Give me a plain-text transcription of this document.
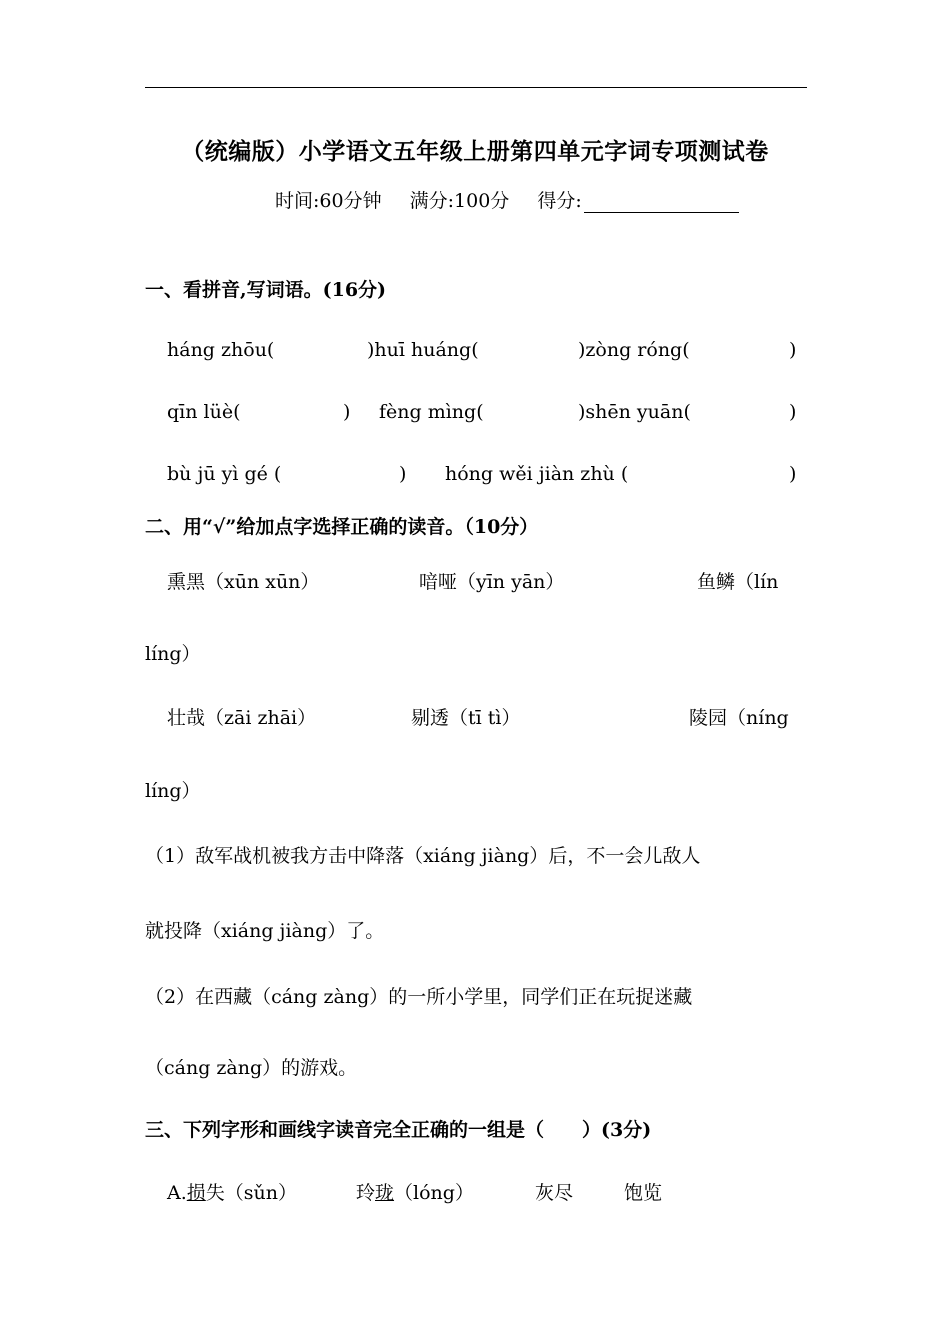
（统编版）小学语文五年级上册第四单元字词专项测试卷
时间:60分钟 满分:100分 得分:
一、看拼音,写词语。(16分)
háng zhōu(	)huī huáng(	)zòng róng(	)
qīn lüè(	) fèng mìng(	)shēn yuān(	)
bù jū yì gé (	) hóng wěi jiàn zhù (	)
二、用“√”给加点字选择正确的读音。（10分）
熏黑（xūn xūn）	喑哑（yīn yān）	鱼鳞（lín
líng）
壮哉（zāi zhāi）	剔透（tī tì）	陵园（níng
líng）
（1）敌军战机被我方击中降落（xiáng jiàng）后，不一会儿敌人
就投降（xiáng jiàng）了。
（2）在西藏（cáng zàng）的一所小学里，同学们正在玩捉迷藏
（cáng zàng）的游戏。
三、下列字形和画线字读音完全正确的一组是（　　）(3分)
A.损失（sǔn）	玲珑（lóng）	灰尽	饱览
